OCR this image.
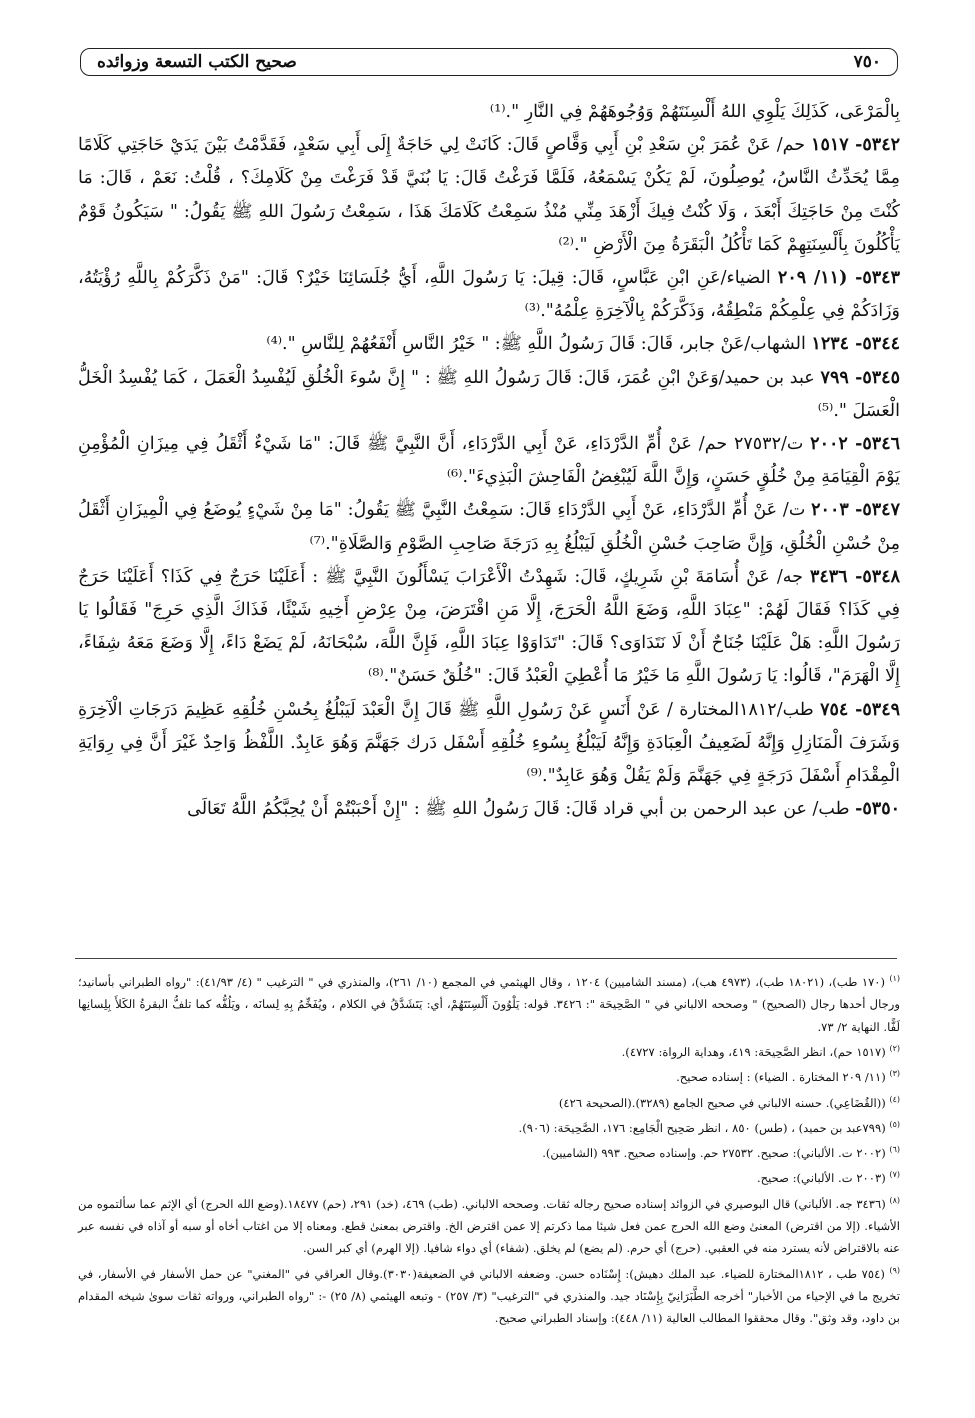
٧٥٠
صحيح الكتب التسعة وزوائده

بِالْمَرْعَى، كَذَلِكَ يَلْوِي اللهُ أَلْسِنَتَهُمْ وَوُجُوهَهُمْ فِي النَّارِ ".⁽¹⁾

٥٣٤٢- ١٥١٧ حم/ عَنْ عُمَرَ بْنِ سَعْدِ بْنِ أَبِي وَقَّاصٍ قَالَ: كَانَتْ لِي حَاجَةٌ إِلَى أَبِي سَعْدٍ، فَقَدَّمْتُ بَيْنَ يَدَيْ حَاجَتِي كَلَامًا مِمَّا يُحَدِّثُ النَّاسُ، يُوصِلُونَ، لَمْ يَكُنْ يَسْمَعُهُ، فَلَمَّا فَرَغْتُ قَالَ: يَا بُنَيَّ قَدْ فَرَغْتَ مِنْ كَلَامِكَ؟ ، قُلْتُ: نَعَمْ ، قَالَ: مَا كُنْتَ مِنْ حَاجَتِكَ أَبْعَدَ ، وَلَا كُنْتُ فِيكَ أَزْهَدَ مِنِّي مُنْذُ سَمِعْتُ كَلَامَكَ هَذَا ، سَمِعْتُ رَسُولَ اللهِ ﷺ يَقُولُ: " سَيَكُونُ قَوْمٌ يَأْكُلُونَ بِأَلْسِنَتِهِمْ كَمَا تَأْكُلُ الْبَقَرَةُ مِنَ الْأَرْضِ ".⁽²⁾

٥٣٤٣- (١١/ ٢٠٩ الضياء/عَنِ ابْنِ عَبَّاسٍ، قَالَ: قِيلَ: يَا رَسُولَ اللَّهِ، أَيُّ جُلَسَائِنَا خَيْرٌ؟ قَالَ: "مَنْ ذَكَّرَكُمْ بِاللَّهِ رُؤْيَتُهُ، وَزَادَكُمْ فِي عِلْمِكُمْ مَنْطِقُهُ، وَذَكَّرَكُمْ بِالْآخِرَةِ عِلْمُهُ".⁽³⁾

٥٣٤٤- ١٢٣٤ الشهاب/عَنْ جابر، قَالَ: قَالَ رَسُولُ اللَّهِ ﷺ: " خَيْرُ النَّاسِ أَنْفَعُهُمْ لِلنَّاسِ ".⁽⁴⁾

٥٣٤٥- ٧٩٩ عبد بن حميد/وَعَنْ ابْنِ عُمَرَ، قَالَ: قَالَ رَسُولُ اللهِ ﷺ : " إِنَّ سُوءَ الْخُلُقِ لَيُفْسِدُ الْعَمَلَ ، كَمَا يُفْسِدُ الْخَلُّ الْعَسَلَ ".⁽⁵⁾

٥٣٤٦- ٢٠٠٢ ت/٢٧٥٣٢ حم/ عَنْ أُمِّ الدَّرْدَاءِ، عَنْ أَبِي الدَّرْدَاءِ، أَنَّ النَّبِيَّ ﷺ قَالَ: "مَا شَيْءٌ أَثْقَلُ فِي مِيزَانِ الْمُؤْمِنِ يَوْمَ الْقِيَامَةِ مِنْ خُلُقٍ حَسَنٍ، وَإِنَّ اللَّهَ لَيُبْغِضُ الْفَاحِشَ الْبَذِيءَ".⁽⁶⁾

٥٣٤٧- ٢٠٠٣ ت/ عَنْ أُمِّ الدَّرْدَاءِ، عَنْ أَبِي الدَّرْدَاءِ قَالَ: سَمِعْتُ النَّبِيَّ ﷺ يَقُولُ: "مَا مِنْ شَيْءٍ يُوضَعُ فِي الْمِيزَانِ أَثْقَلُ مِنْ حُسْنِ الْخُلُقِ، وَإِنَّ صَاحِبَ حُسْنِ الْخُلُقِ لَيَبْلُغُ بِهِ دَرَجَةَ صَاحِبِ الصَّوْمِ وَالصَّلَاةِ".⁽⁷⁾

٥٣٤٨- ٣٤٣٦ جه/ عَنْ أُسَامَةَ بْنِ شَرِيكٍ، قَالَ: شَهِدْتُ الْأَعْرَابَ يَسْأَلُونَ النَّبِيَّ ﷺ : أَعَلَيْنَا حَرَجٌ فِي كَذَا؟ أَعَلَيْنَا حَرَجٌ فِي كَذَا؟ فَقَالَ لَهُمْ: "عِبَادَ اللَّهِ، وَضَعَ اللَّهُ الْحَرَجَ، إِلَّا مَنِ اقْتَرَضَ، مِنْ عِرْضِ أَخِيهِ شَيْئًا، فَذَاكَ الَّذِي حَرِجَ" فَقَالُوا يَا رَسُولَ اللَّهِ: هَلْ عَلَيْنَا جُنَاحٌ أَنْ لَا نَتَدَاوَى؟ قَالَ: "تَدَاوَوْا عِبَادَ اللَّهِ، فَإِنَّ اللَّهَ، سُبْحَانَهُ، لَمْ يَضَعْ دَاءً، إِلَّا وَضَعَ مَعَهُ شِفَاءً، إِلَّا الْهَرَمَ"، قَالُوا: يَا رَسُولَ اللَّهِ مَا خَيْرُ مَا أُعْطِيَ الْعَبْدُ قَالَ: "خُلُقٌ حَسَنٌ".⁽⁸⁾

٥٣٤٩- ٧٥٤ طب/١٨١٢المختارة / عَنْ أَنَسٍ عَنْ رَسُولِ اللَّهِ ﷺ قَالَ إِنَّ الْعَبْدَ لَيَبْلُغُ بِحُسْنِ خُلُقِهِ عَظِيمَ دَرَجَاتِ الْآخِرَةِ وَشَرَفَ الْمَنَازِلِ وَإِنَّهُ لَضَعِيفُ الْعِبَادَةِ وَإِنَّهُ لَيَبْلُغُ بِسُوءِ خُلُقِهِ أَسْفَل دَرك جَهَنَّمَ وَهُوَ عَابِدٌ. اللَّفْظُ وَاحِدٌ غَيْرَ أَنَّ فِي رِوَايَةِ الْمِقْدَامِ أَسْفَلَ دَرَجَةٍ فِي جَهَنَّمَ وَلَمْ يَقُلْ وَهُوَ عَابِدٌ".⁽⁹⁾

٥٣٥٠- طب/ عن عبد الرحمن بن أبي قراد قَالَ: قَالَ رَسُولُ اللهِ ﷺ : "إِنْ أَحْبَبْتُمْ أَنْ يُحِبَّكُمُ اللَّهُ تَعَالَى

$^{(١)}$ (١٧٠ طب)، (١٨٠٢١ طب)، (٤٩٧٣ هب)، (مسند الشاميين) ١٢٠٤ ، وقال الهيثمي في المجمع (١٠/ ٢٦١)، والمنذري في " الترغيب " (٤/ ٤١/٩٣): "رواه الطبراني بأسانيد؛ ورجال أحدها رجال (الصحيح) " وصححه الالباني في " الصَّحِيحَة ": ٣٤٢٦. قوله: يَلْوُونَ أَلْسِنَتَهُمْ، أي: يَتَشَدَّقُ في الكلام ، ويُفَخِّمُ بِهِ لِسانَه ، ويَلُفُّه كما تلفُّ البقرةُ الكَلأَ بِلِسانِها لَفًّا. النهاية ٢/ ٧٣.

$^{(٢)}$ (١٥١٧ حم)، انظر الصَّحِيحَة: ٤١٩، وهداية الرواة: ٤٧٢٧).

$^{(٣)}$ (١١/ ٢٠٩ المختارة . الضياء) : إسناده صحيح.

$^{(٤)}$ ((القُضَاعِي). حسنه الالباني في صحيح الجامع (٣٢٨٩).(الصحيحة ٤٢٦)

$^{(٥)}$ (٧٩٩عبد بن حميد) ، (طس) ٨٥٠ ، انظر صَحِيح الْجَامِع: ١٧٦، الصَّحِيحَة: (٩٠٦).

$^{(٦)}$ (٢٠٠٢ ت. الألباني): صحيح. ٢٧٥٣٢ حم. وإسناده صحيح. ٩٩٣ (الشاميين).

$^{(٧)}$ (٢٠٠٣ ت. الألباني): صحيح.

$^{(٨)}$ (٣٤٣٦ جه. الألباني) قال البوصيري في الزوائد إسناده صحيح رجاله ثقات. وصححه الالباني. (طب) ٤٦٩، (خد) ٢٩١، (حم) ١٨٤٧٧.(وضع الله الحرج) أي الإثم عما سألتموه من الأشياء. (إلا من اقترض) المعنىٰ وضع الله الحرج عمن فعل شيئا مما ذكرتم إلا عمن اقترض الخ. واقترض بمعنىٰ قطع. ومعناه إلا من اغتاب أخاه أو سبه أو آذاه في نفسه عبر عنه بالاقتراض لأنه يسترد منه في العقبي. (حرج) أي حرم. (لم يضع) لم يخلق. (شفاء) أي دواء شافيا. (إلا الهرم) أي كبر السن.

$^{(٩)}$ (٧٥٤ طب ، ١٨١٢المختارة للضياء. عبد الملك دهيش): إِسْنَاده حسن. وضعفه الالباني في الضعيفة(٣٠٣٠).وقال العراقي في "المغني" عن حمل الأسفار في الأسفار، في تخريج ما في الإحياء من الأخبار" أخرجه الطَّبَرَانِيّ بِإِسْنَاد جيد. والمنذري في "الترغيب" (٣/ ٢٥٧) - وتبعه الهيثمي (٨/ ٢٥) -: "رواه الطبراني، ورواته ثقات سوىٰ شيخه المقدام بن داود، وقد وثق". وقال محققوا المطالب العالية (١١/ ٤٤٨): وإسناد الطبراني صحيح.
